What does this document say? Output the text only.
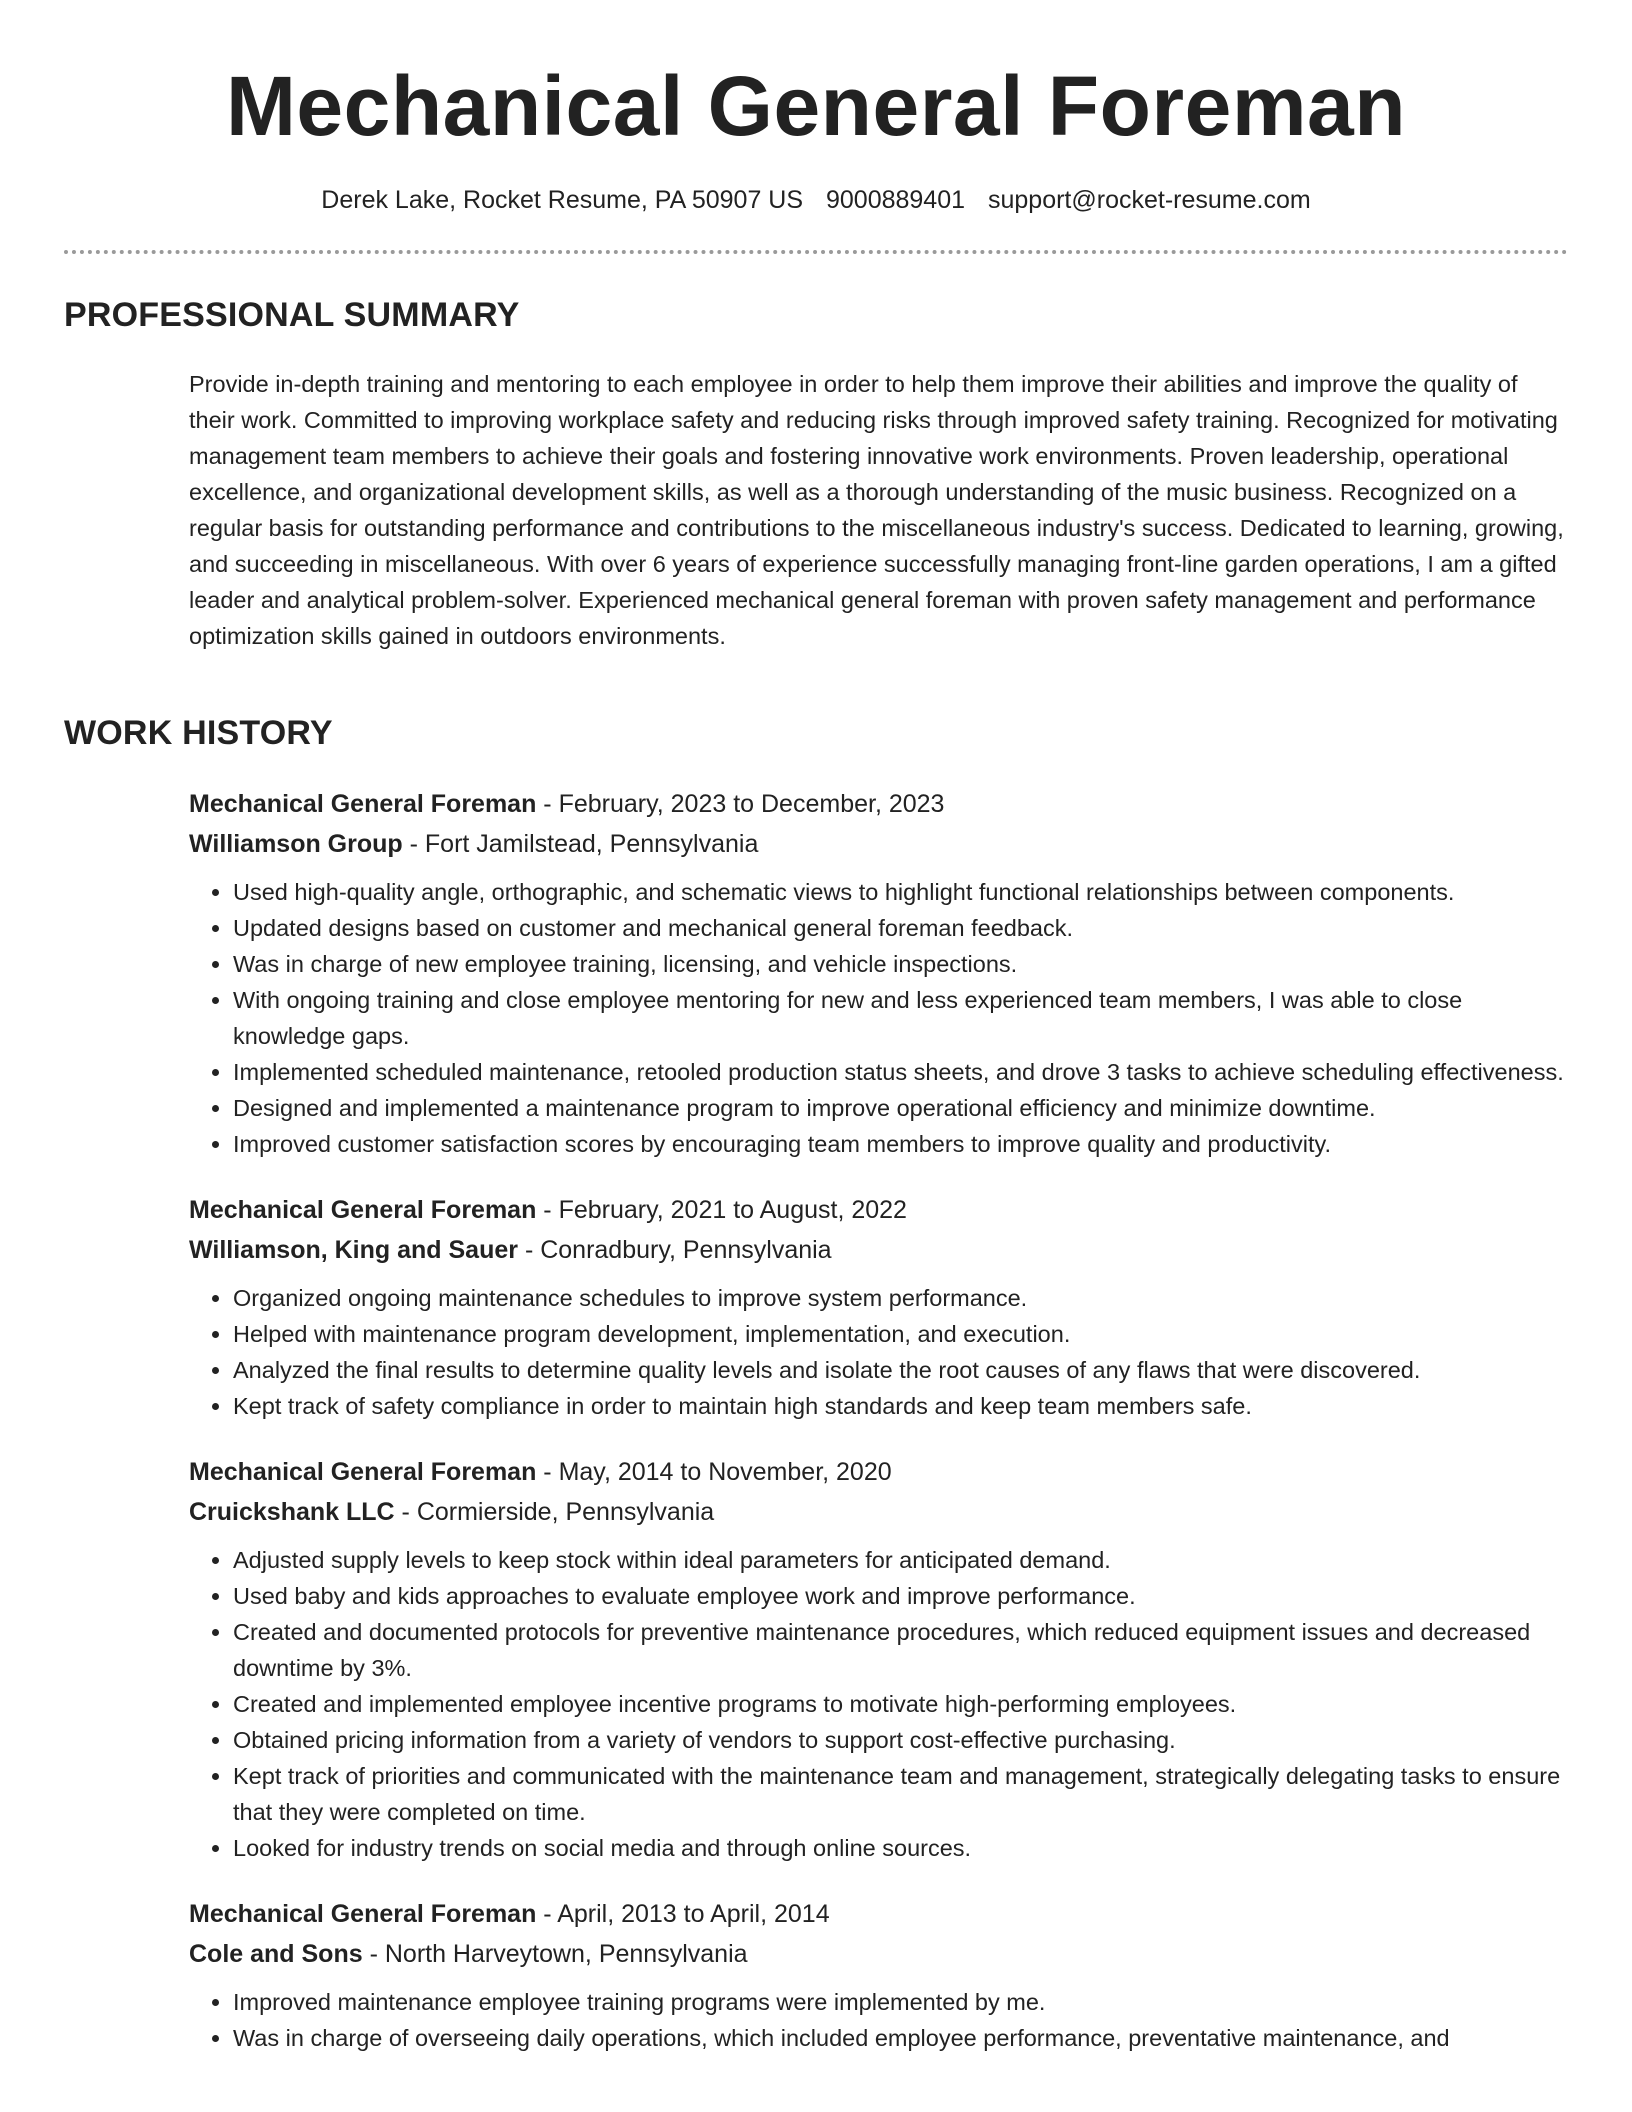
Mechanical General Foreman
Derek Lake, Rocket Resume, PA 50907 US 9000889401 support@rocket-resume.com
PROFESSIONAL SUMMARY

Provide in-depth training and mentoring to each employee in order to help them improve their abilities and improve the quality of their work. Committed to improving workplace safety and reducing risks through improved safety training. Recognized for motivating management team members to achieve their goals and fostering innovative work environments. Proven leadership, operational excellence, and organizational development skills, as well as a thorough understanding of the music business. Recognized on a regular basis for outstanding performance and contributions to the miscellaneous industry's success. Dedicated to learning, growing, and succeeding in miscellaneous. With over 6 years of experience successfully managing front-line garden operations, I am a gifted leader and analytical problem-solver. Experienced mechanical general foreman with proven safety management and performance optimization skills gained in outdoors environments.

WORK HISTORY

Mechanical General Foreman - February, 2023 to December, 2023

Williamson Group - Fort Jamilstead, Pennsylvania

• Used high-quality angle, orthographic, and schematic views to highlight functional relationships between components.
• Updated designs based on customer and mechanical general foreman feedback.
• Was in charge of new employee training, licensing, and vehicle inspections.
• With ongoing training and close employee mentoring for new and less experienced team members, I was able to close knowledge gaps.
• Implemented scheduled maintenance, retooled production status sheets, and drove 3 tasks to achieve scheduling effectiveness.
• Designed and implemented a maintenance program to improve operational efficiency and minimize downtime.
• Improved customer satisfaction scores by encouraging team members to improve quality and productivity.

Mechanical General Foreman - February, 2021 to August, 2022

Williamson, King and Sauer - Conradbury, Pennsylvania

• Organized ongoing maintenance schedules to improve system performance.
• Helped with maintenance program development, implementation, and execution.
• Analyzed the final results to determine quality levels and isolate the root causes of any flaws that were discovered.
• Kept track of safety compliance in order to maintain high standards and keep team members safe.

Mechanical General Foreman - May, 2014 to November, 2020

Cruickshank LLC - Cormierside, Pennsylvania

• Adjusted supply levels to keep stock within ideal parameters for anticipated demand.
• Used baby and kids approaches to evaluate employee work and improve performance.
• Created and documented protocols for preventive maintenance procedures, which reduced equipment issues and decreased downtime by 3%.
• Created and implemented employee incentive programs to motivate high-performing employees.
• Obtained pricing information from a variety of vendors to support cost-effective purchasing.
• Kept track of priorities and communicated with the maintenance team and management, strategically delegating tasks to ensure that they were completed on time.
• Looked for industry trends on social media and through online sources.

Mechanical General Foreman - April, 2013 to April, 2014

Cole and Sons - North Harveytown, Pennsylvania

• Improved maintenance employee training programs were implemented by me.
• Was in charge of overseeing daily operations, which included employee performance, preventative maintenance, and
